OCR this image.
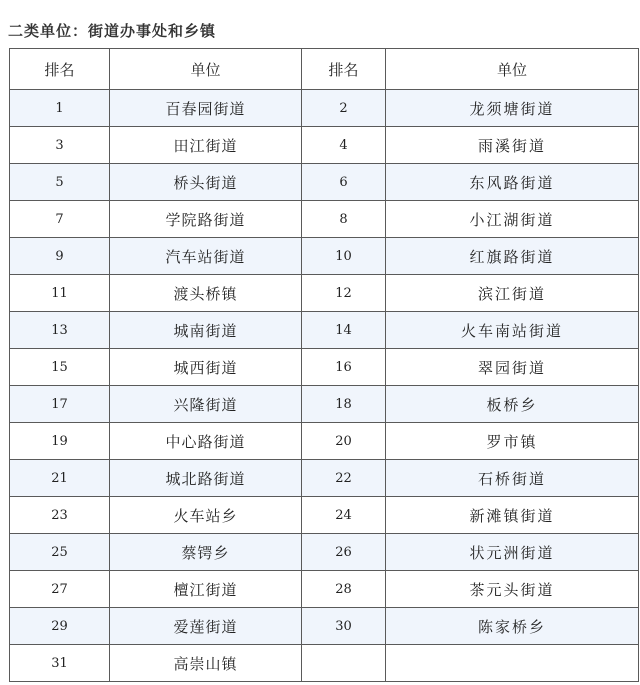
二类单位：街道办事处和乡镇
排名	单位	排名	单位
1	百春园街道	2	龙须塘街道
3	田江街道	4	雨溪街道
5	桥头街道	6	东风路街道
7	学院路街道	8	小江湖街道
9	汽车站街道	10	红旗路街道
11	渡头桥镇	12	滨江街道
13	城南街道	14	火车南站街道
15	城西街道	16	翠园街道
17	兴隆街道	18	板桥乡
19	中心路街道	20	罗市镇
21	城北路街道	22	石桥街道
23	火车站乡	24	新滩镇街道
25	蔡锷乡	26	状元洲街道
27	檀江街道	28	茶元头街道
29	爱莲街道	30	陈家桥乡
31	高崇山镇		
